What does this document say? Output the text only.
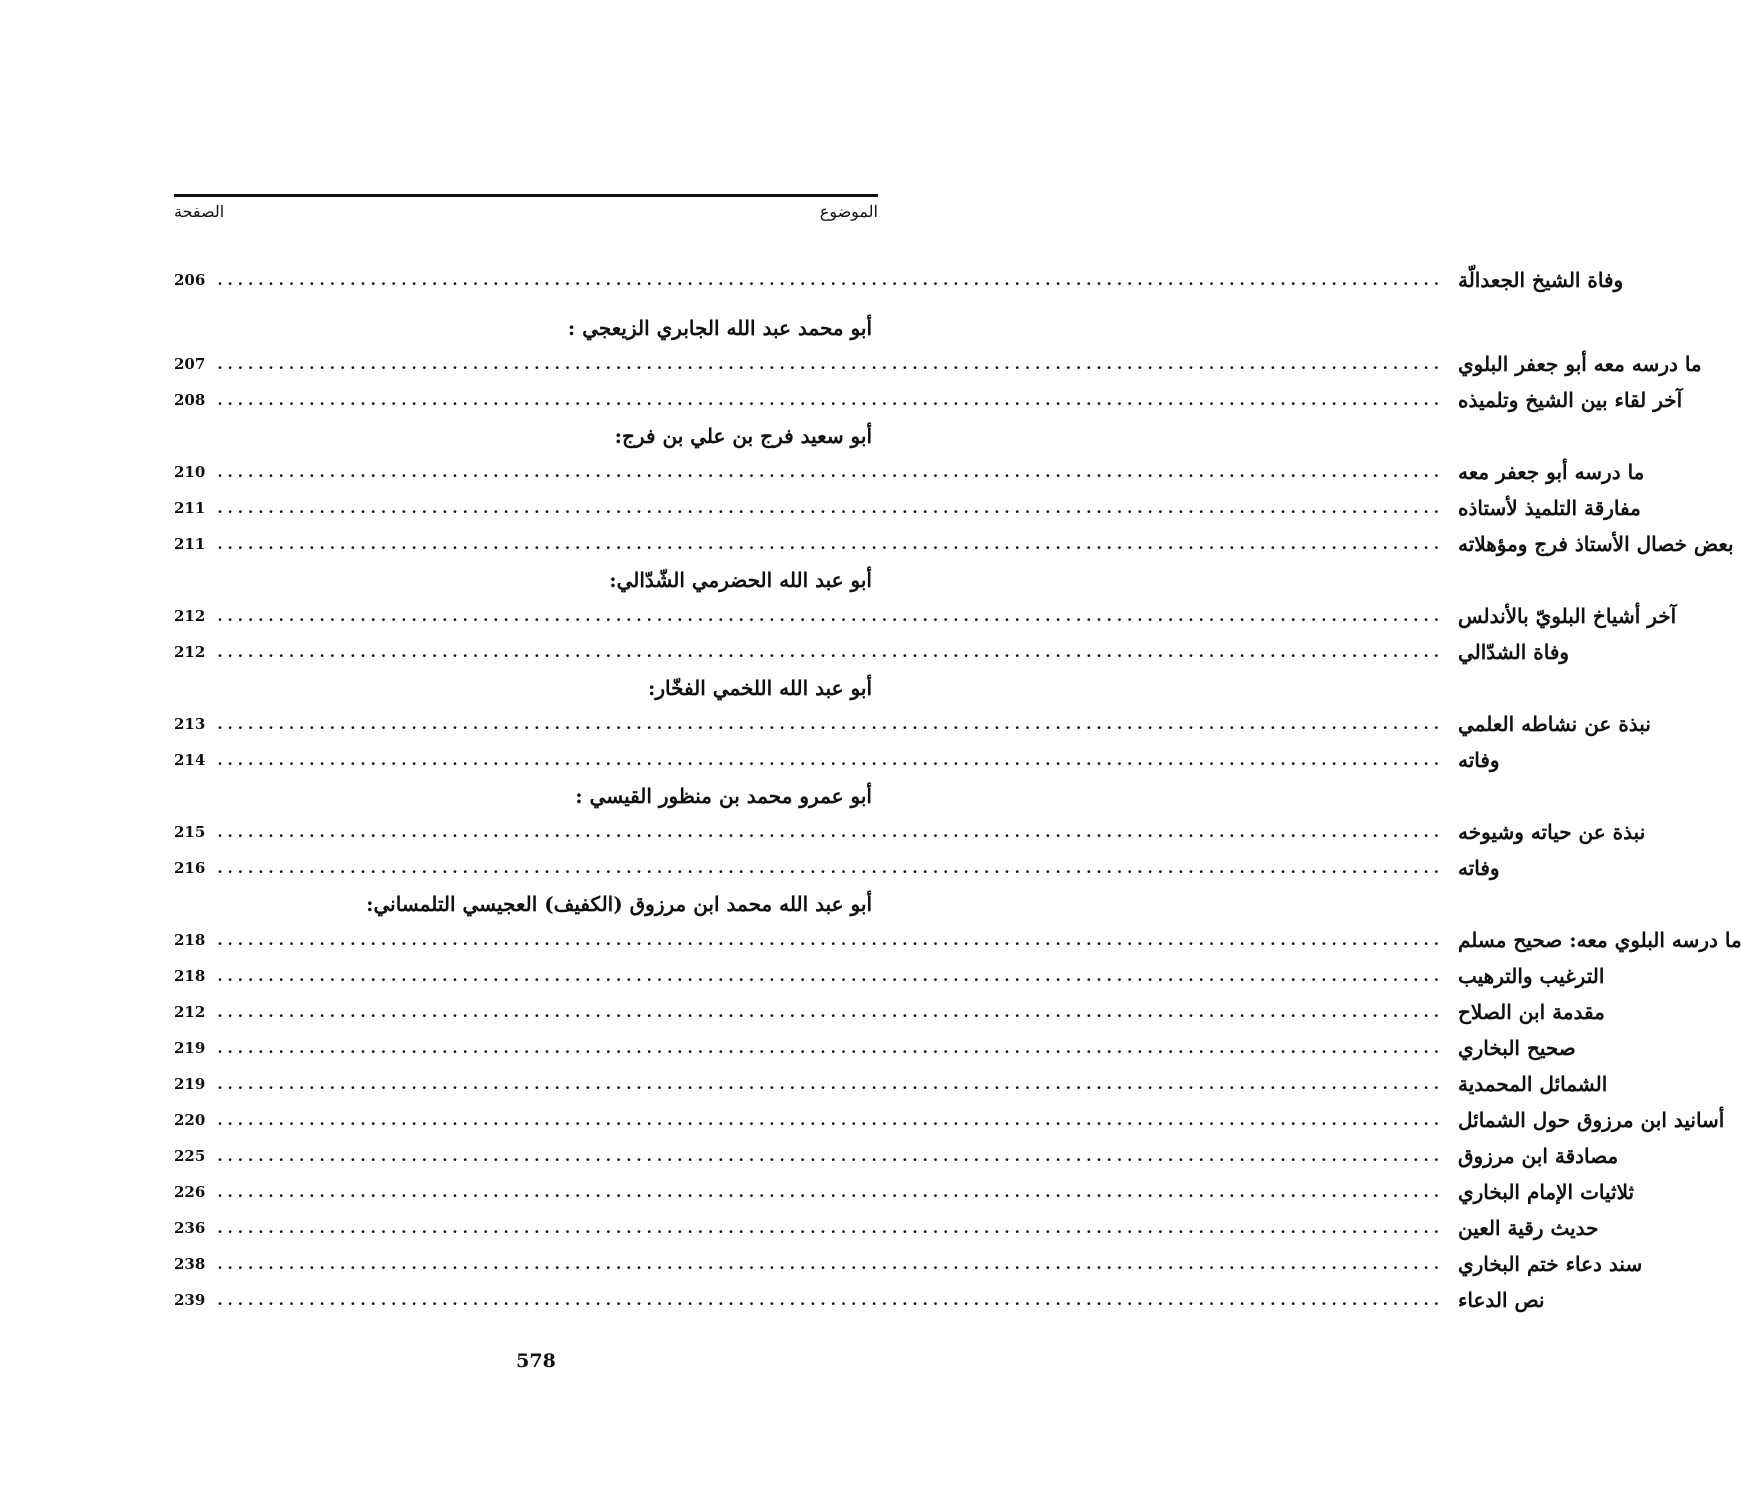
الموضوع
الصفحة
206 ........................................................................................................................ وفاة الشيخ الجعدالّة
أبو محمد عبد الله الجابري الزيعجي :
207 ........................................................................................................................ ما درسه معه أبو جعفر البلوي
208 ........................................................................................................................ آخر لقاء بين الشيخ وتلميذه
أبو سعيد فرج بن علي بن فرج:
210 ........................................................................................................................ ما درسه أبو جعفر معه
211 ........................................................................................................................ مفارقة التلميذ لأستاذه
211 ........................................................................................................................ بعض خصال الأستاذ فرج ومؤهلاته
أبو عبد الله الحضرمي الشّدّالي:
212 ........................................................................................................................ آخر أشياخ البلويّ بالأندلس
212 ........................................................................................................................ وفاة الشدّالي
أبو عبد الله اللخمي الفخّار:
213 ........................................................................................................................ نبذة عن نشاطه العلمي
214 ........................................................................................................................ وفاته
أبو عمرو محمد بن منظور القيسي :
215 ........................................................................................................................ نبذة عن حياته وشيوخه
216 ........................................................................................................................ وفاته
أبو عبد الله محمد ابن مرزوق (الكفيف) العجيسي التلمساني:
218 ........................................................................................................................ ما درسه البلوي معه: صحيح مسلم
218 ........................................................................................................................ الترغيب والترهيب
212 ........................................................................................................................ مقدمة ابن الصلاح
219 ........................................................................................................................ صحيح البخاري
219 ........................................................................................................................ الشمائل المحمدية
220 ........................................................................................................................ أسانيد ابن مرزوق حول الشمائل
225 ........................................................................................................................ مصادقة ابن مرزوق
226 ........................................................................................................................ ثلاثيات الإمام البخاري
236 ........................................................................................................................ حديث رقية العين
238 ........................................................................................................................ سند دعاء ختم البخاري
239 ........................................................................................................................ نص الدعاء
578
